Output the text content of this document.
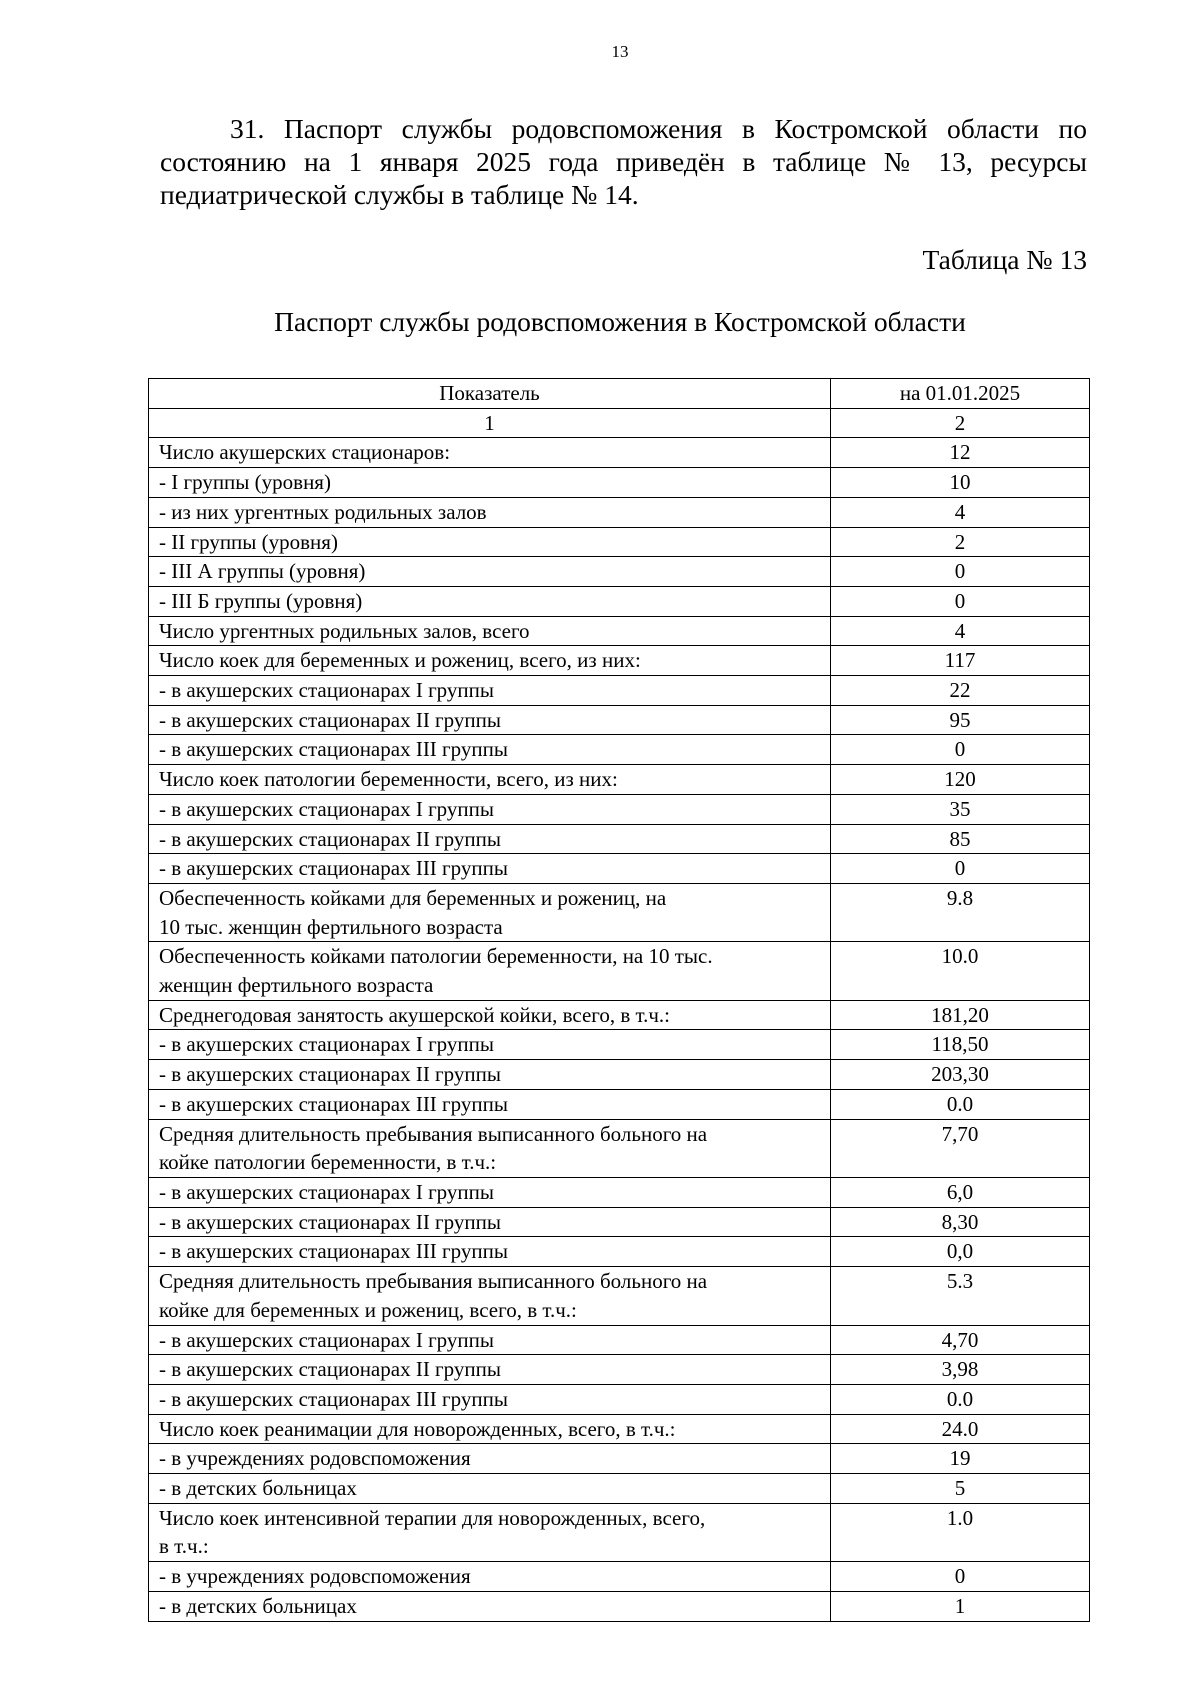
13

31. Паспорт службы родовспоможения в Костромской области по состоянию на 1 января 2025 года приведён в таблице № 13, ресурсы педиатрической службы в таблице № 14.

Таблица № 13
Паспорт службы родовспоможения в Костромской области
Показатель	на 01.01.2025
1	2

Число акушерских стационаров:	12

- I группы (уровня)	10

- из них ургентных родильных залов	4

- II группы (уровня)	2

- III А группы (уровня)	0

- III Б группы (уровня)	0

Число ургентных родильных залов, всего	4

Число коек для беременных и рожениц, всего, из них:	117

- в акушерских стационарах I группы	22

- в акушерских стационарах II группы	95

- в акушерских стационарах III группы	0

Число коек патологии беременности, всего, из них:	120

- в акушерских стационарах I группы	35

- в акушерских стационарах II группы	85

- в акушерских стационарах III группы	0

Обеспеченность койками для беременных и рожениц, на
10 тыс. женщин фертильного возраста	9.8

Обеспеченность койками патологии беременности, на 10 тыс.
женщин фертильного возраста	10.0

Среднегодовая занятость акушерской койки, всего, в т.ч.:	181,20

- в акушерских стационарах I группы	118,50

- в акушерских стационарах II группы	203,30

- в акушерских стационарах III группы	0.0

Средняя длительность пребывания выписанного больного на
койке патологии беременности, в т.ч.:	7,70

- в акушерских стационарах I группы	6,0

- в акушерских стационарах II группы	8,30

- в акушерских стационарах III группы	0,0

Средняя длительность пребывания выписанного больного на
койке для беременных и рожениц, всего, в т.ч.:	5.3

- в акушерских стационарах I группы	4,70

- в акушерских стационарах II группы	3,98

- в акушерских стационарах III группы	0.0

Число коек реанимации для новорожденных, всего, в т.ч.:	24.0

- в учреждениях родовспоможения	19

- в детских больницах	5

Число коек интенсивной терапии для новорожденных, всего,
в т.ч.:	1.0

- в учреждениях родовспоможения	0

- в детских больницах	1
